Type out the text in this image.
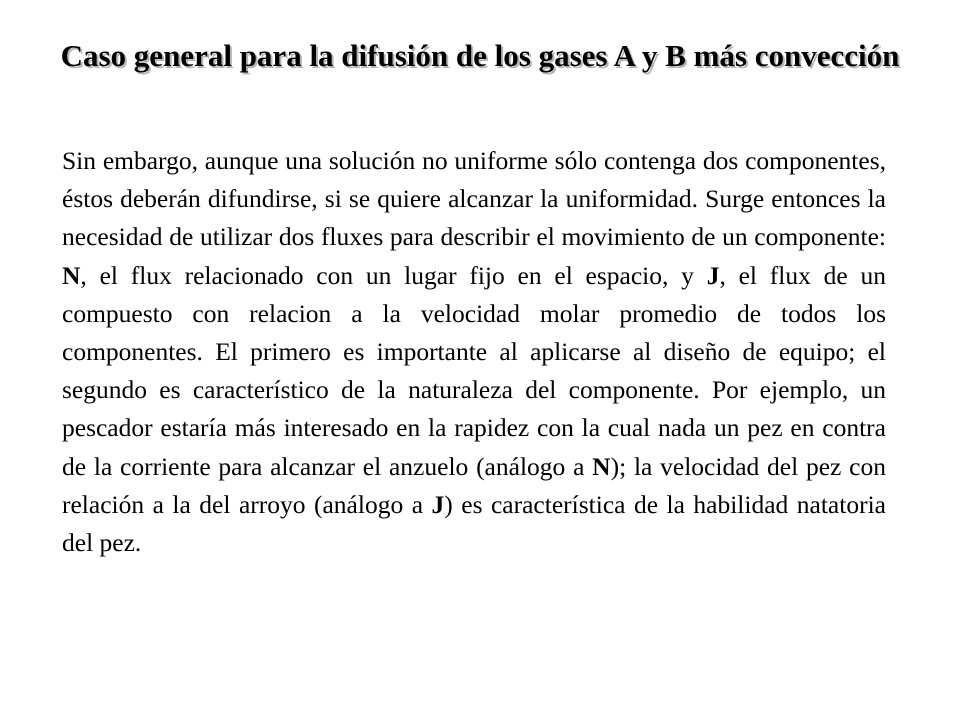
Caso general para la difusión de los gases A y B más convección

Sin embargo, aunque una solución no uniforme sólo contenga dos componentes, éstos deberán difundirse, si se quiere alcanzar la uniformidad. Surge entonces la necesidad de utilizar dos fluxes para describir el movimiento de un componente: N, el flux relacionado con un lugar fijo en el espacio, y J, el flux de un compuesto con relacion a la velocidad molar promedio de todos los componentes. El primero es importante al aplicarse al diseño de equipo; el segundo es característico de la naturaleza del componente. Por ejemplo, un pescador estaría más interesado en la rapidez con la cual nada un pez en contra de la corriente para alcanzar el anzuelo (análogo a N); la velocidad del pez con relación a la del arroyo (análogo a J) es característica de la habilidad natatoria del pez.
